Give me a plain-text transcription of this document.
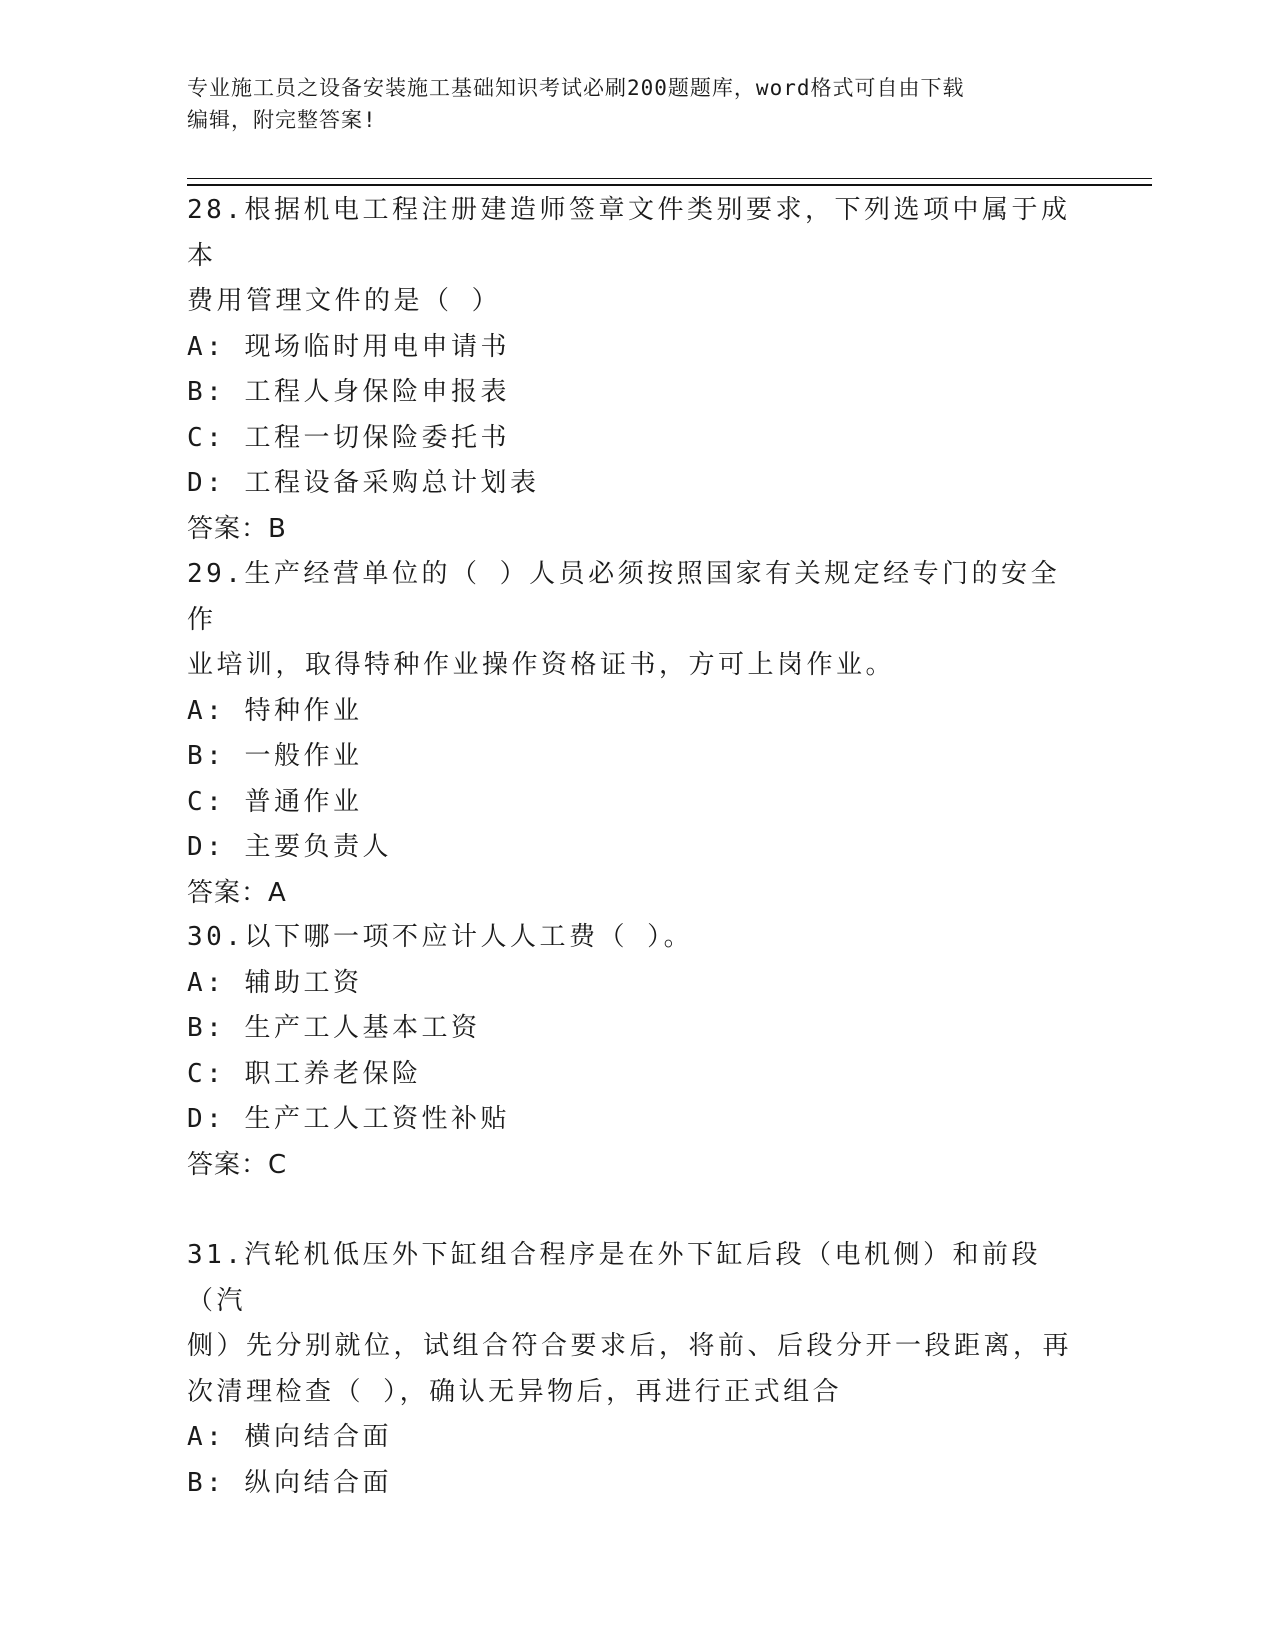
专业施工员之设备安装施工基础知识考试必刷200题题库，word格式可自由下载

编辑，附完整答案!

28.根据机电工程注册建造师签章文件类别要求，下列选项中属于成本

费用管理文件的是（ ）

A: 现场临时用电申请书

B: 工程人身保险申报表

C: 工程一切保险委托书

D: 工程设备采购总计划表

答案：B

29.生产经营单位的（ ）人员必须按照国家有关规定经专门的安全作

业培训，取得特种作业操作资格证书，方可上岗作业。

A: 特种作业

B: 一般作业

C: 普通作业

D: 主要负责人

答案：A

30.以下哪一项不应计人人工费（ ）。

A: 辅助工资

B: 生产工人基本工资

C: 职工养老保险

D: 生产工人工资性补贴

答案：C

31.汽轮机低压外下缸组合程序是在外下缸后段（电机侧）和前段（汽

侧）先分别就位，试组合符合要求后，将前、后段分开一段距离，再

次清理检查（ ），确认无异物后，再进行正式组合

A: 横向结合面

B: 纵向结合面
